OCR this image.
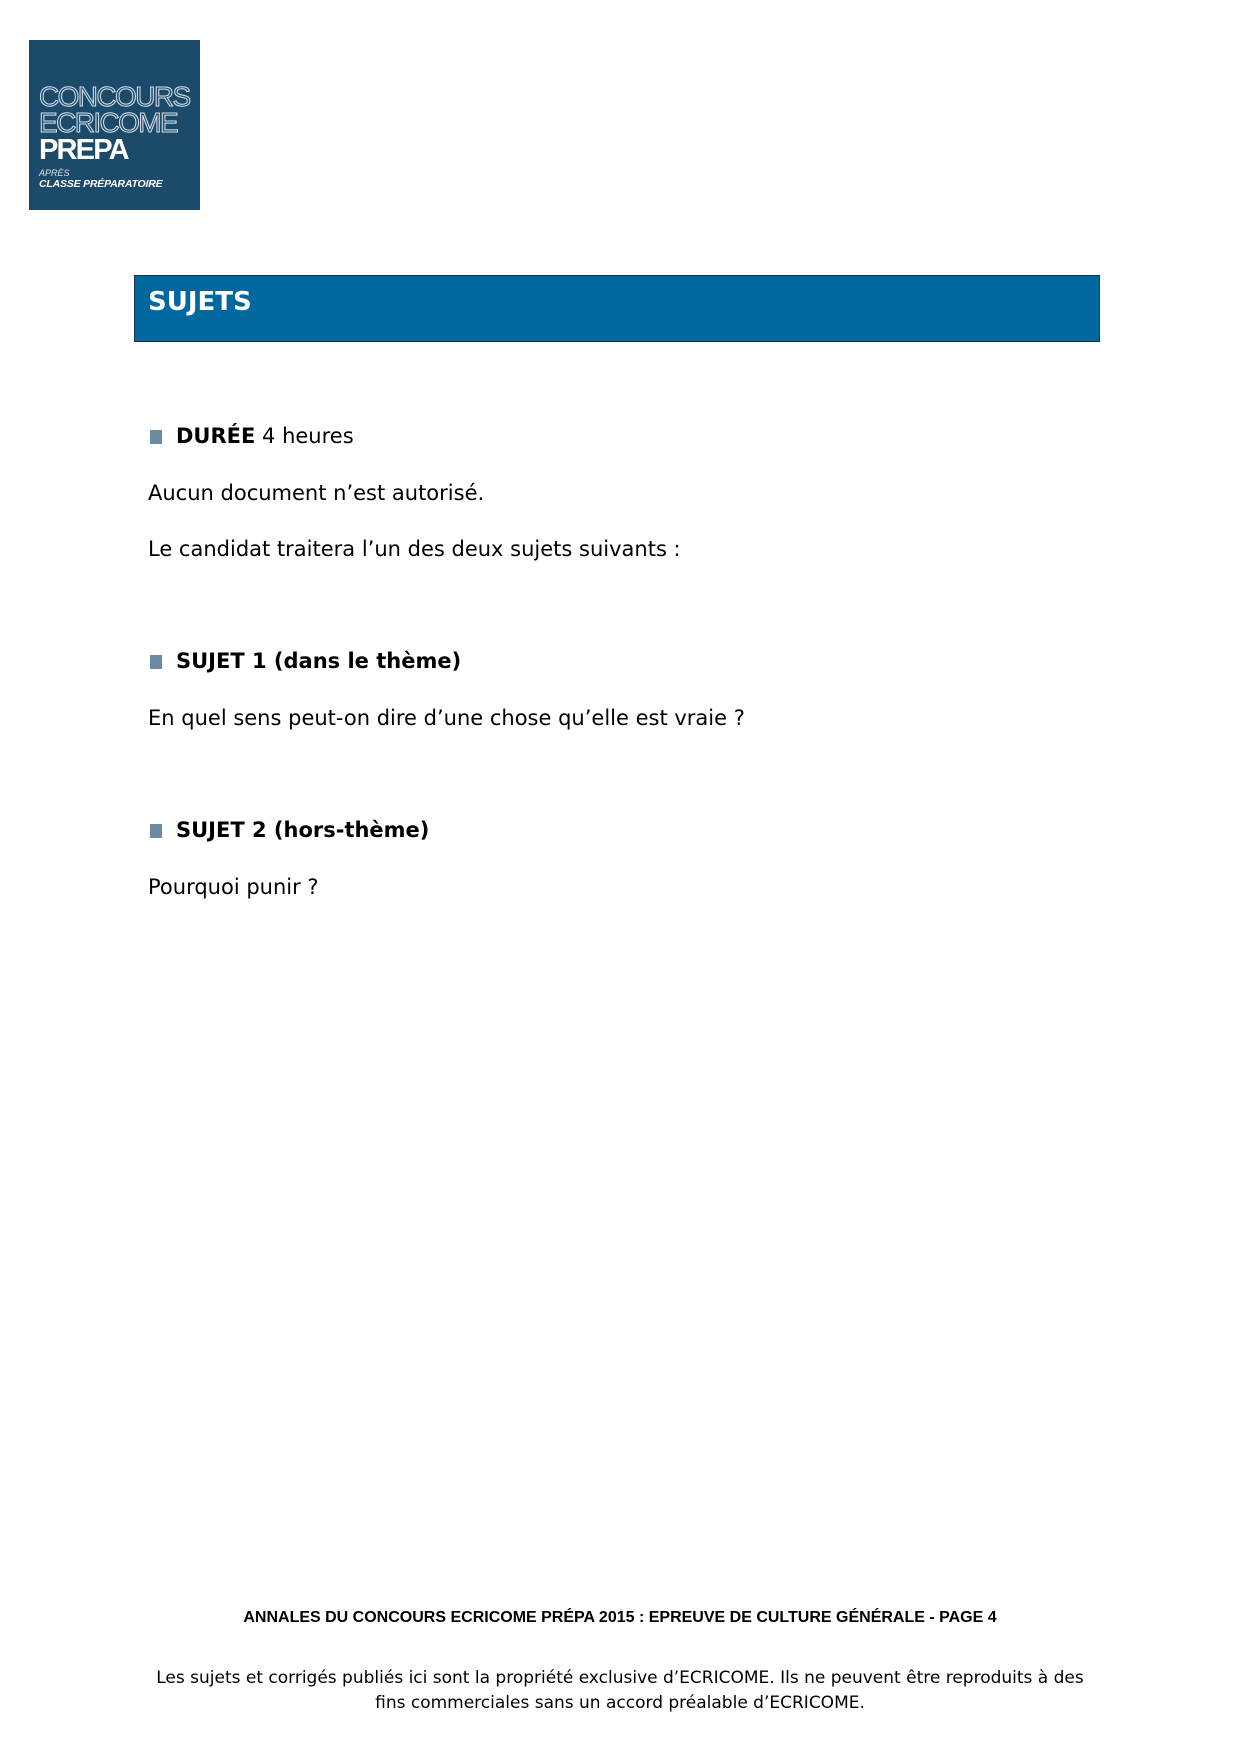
CONCOURS
ECRICOME
PREPA
APRÈS
CLASSE PRÉPARATOIRE
SUJETS
DURÉE 4 heures
Aucun document n’est autorisé.
Le candidat traitera l’un des deux sujets suivants :
SUJET 1 (dans le thème)
En quel sens peut-on dire d’une chose qu’elle est vraie ?
SUJET 2 (hors-thème)
Pourquoi punir ?
ANNALES DU CONCOURS ECRICOME PRÉPA 2015 : EPREUVE DE CULTURE GÉNÉRALE - PAGE 4
Les sujets et corrigés publiés ici sont la propriété exclusive d’ECRICOME. Ils ne peuvent être reproduits à des
fins commerciales sans un accord préalable d’ECRICOME.
